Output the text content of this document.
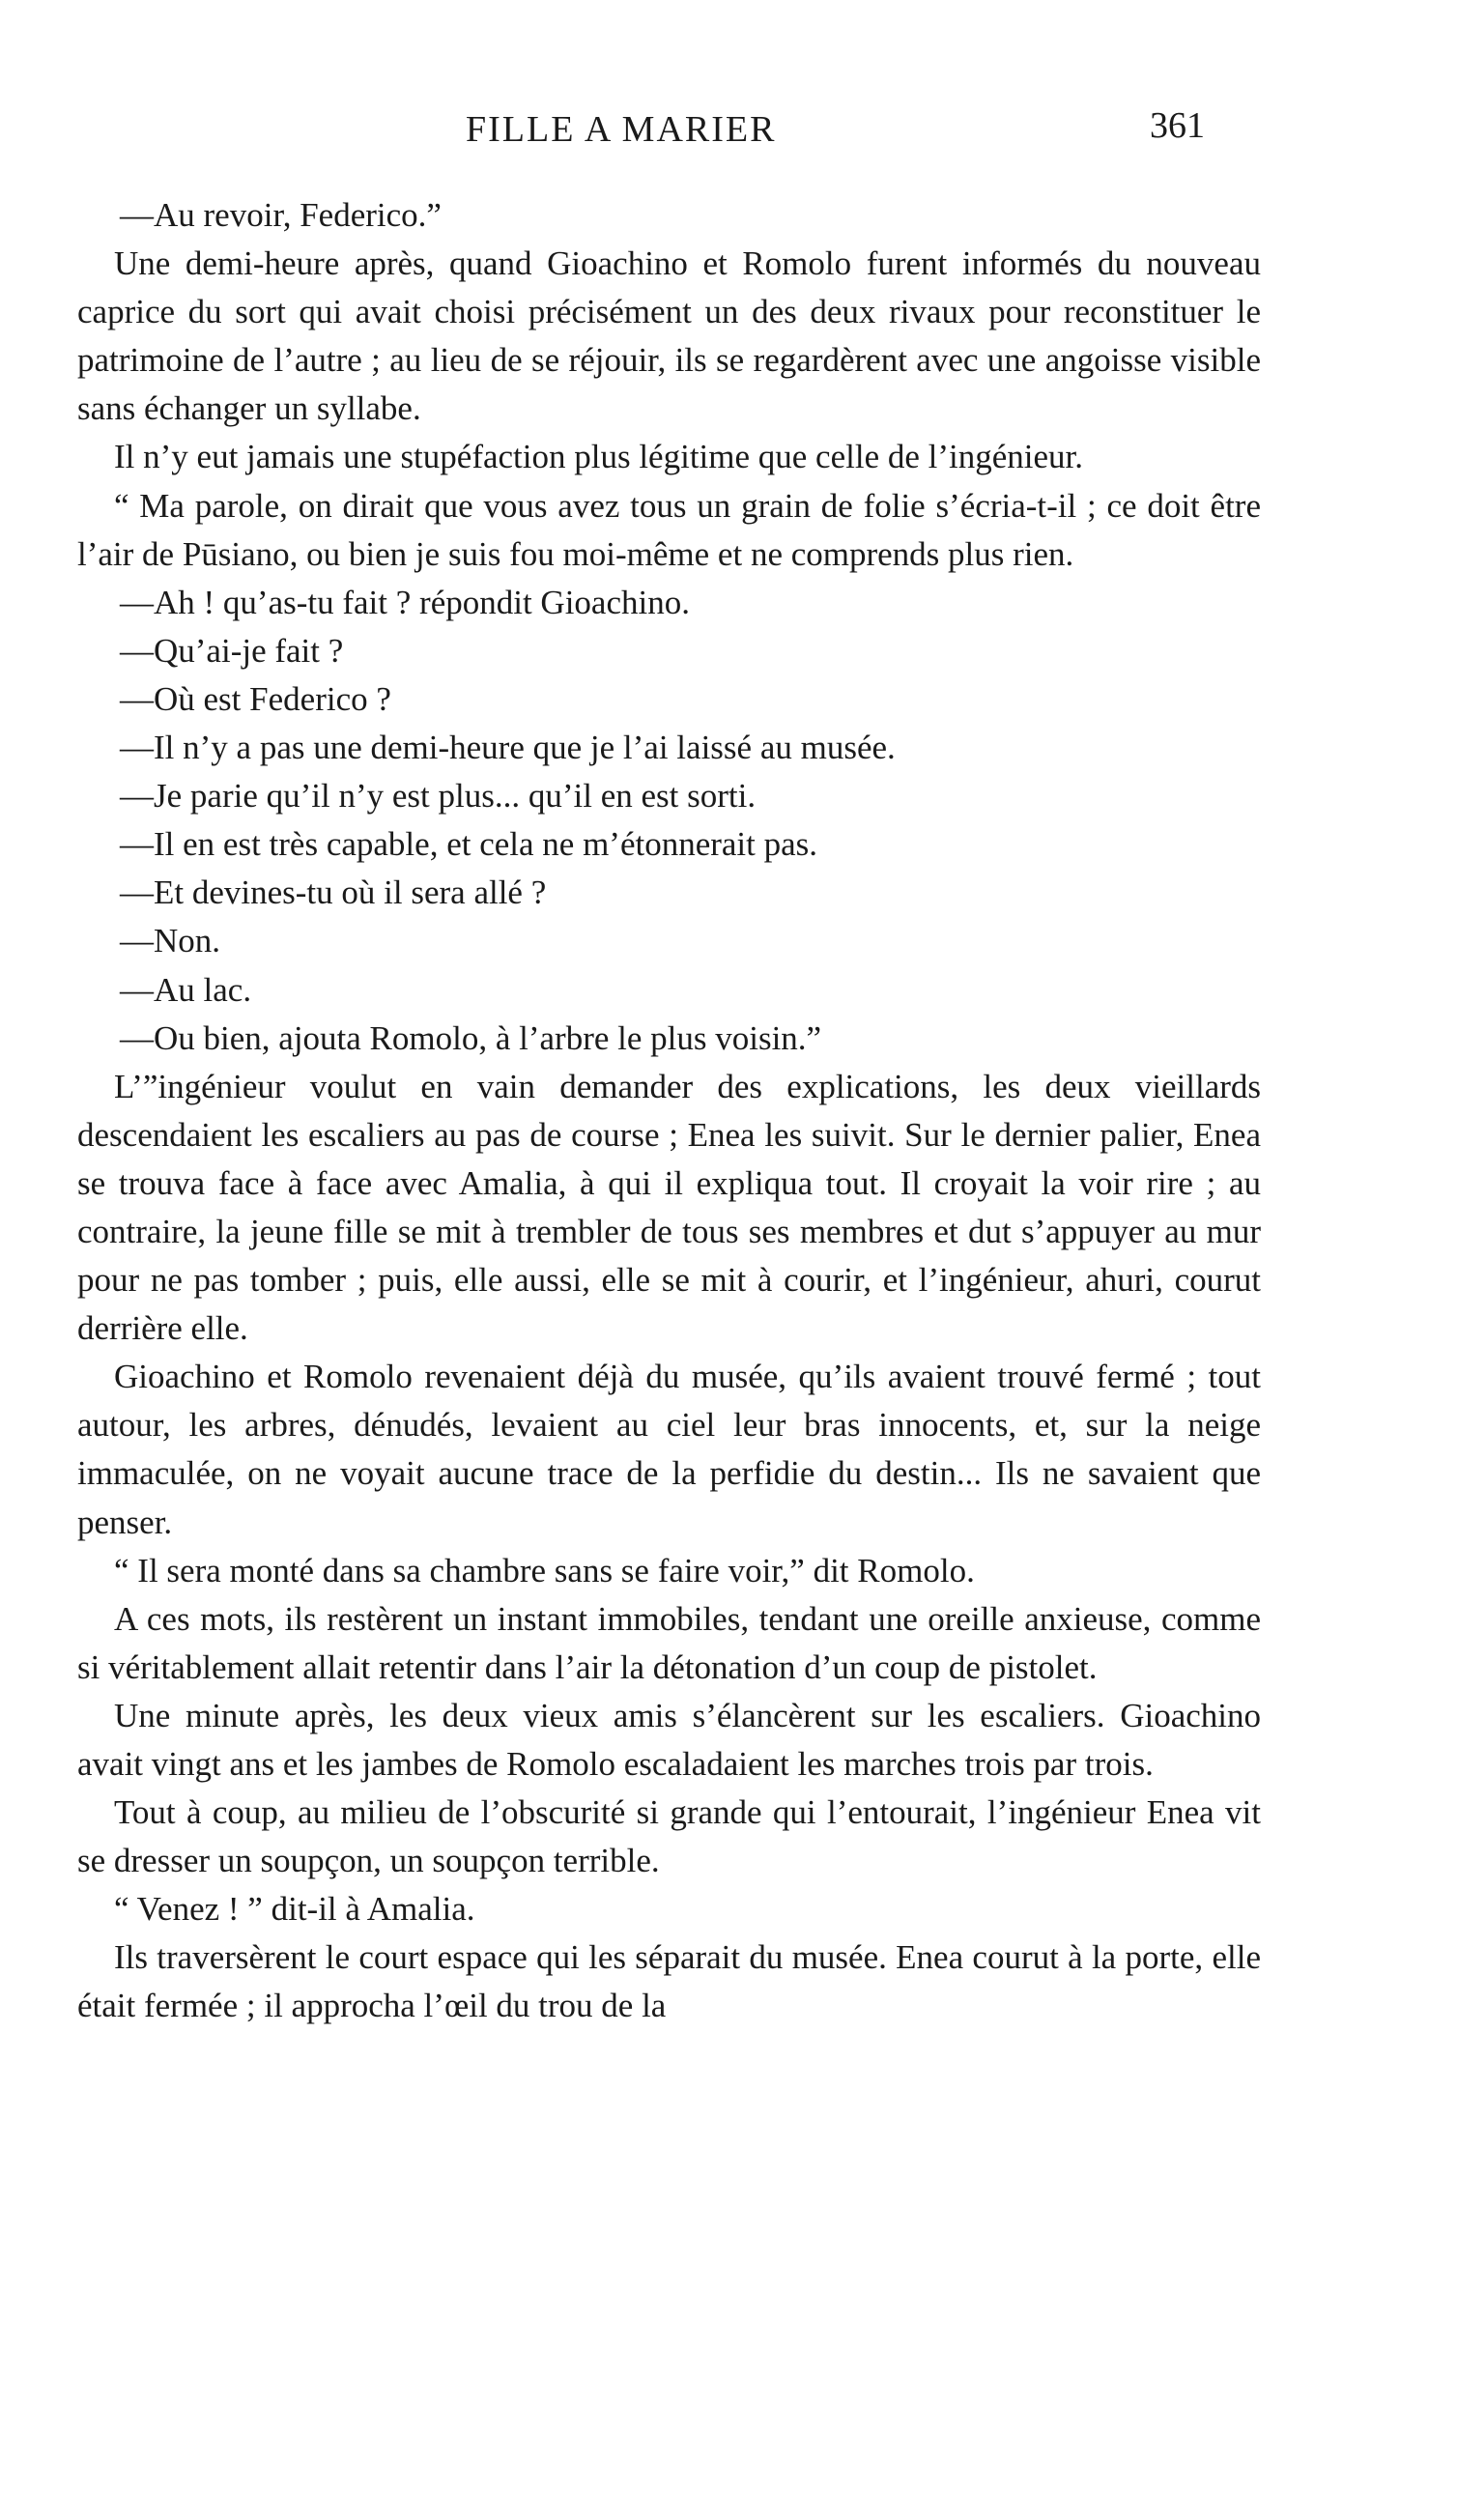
FILLE A MARIER	361

—Au revoir, Federico.”

Une demi-heure après, quand Gioachino et Romolo furent informés du nouveau caprice du sort qui avait choisi précisément un des deux rivaux pour reconstituer le patrimoine de l’autre ; au lieu de se réjouir, ils se regardèrent avec une angoisse visible sans échanger un syllabe.

Il n’y eut jamais une stupéfaction plus légitime que celle de l’ingénieur.

“ Ma parole, on dirait que vous avez tous un grain de folie s’écria-t-il ; ce doit être l’air de Pūsiano, ou bien je suis fou moi-même et ne comprends plus rien.

—Ah ! qu’as-tu fait ? répondit Gioachino.

—Qu’ai-je fait ?

—Où est Federico ?

—Il n’y a pas une demi-heure que je l’ai laissé au musée.

—Je parie qu’il n’y est plus... qu’il en est sorti.

—Il en est très capable, et cela ne m’étonnerait pas.

—Et devines-tu où il sera allé ?

—Non.

—Au lac.

—Ou bien, ajouta Romolo, à l’arbre le plus voisin.”

L’”ingénieur voulut en vain demander des explications, les deux vieillards descendaient les escaliers au pas de course ; Enea les suivit. Sur le dernier palier, Enea se trouva face à face avec Amalia, à qui il expliqua tout. Il croyait la voir rire ; au contraire, la jeune fille se mit à trembler de tous ses membres et dut s’appuyer au mur pour ne pas tomber ; puis, elle aussi, elle se mit à courir, et l’ingénieur, ahuri, courut derrière elle.

Gioachino et Romolo revenaient déjà du musée, qu’ils avaient trouvé fermé ; tout autour, les arbres, dénudés, levaient au ciel leur bras innocents, et, sur la neige immaculée, on ne voyait aucune trace de la perfidie du destin... Ils ne savaient que penser.

“ Il sera monté dans sa chambre sans se faire voir,” dit Romolo.

A ces mots, ils restèrent un instant immobiles, tendant une oreille anxieuse, comme si véritablement allait retentir dans l’air la détonation d’un coup de pistolet.

Une minute après, les deux vieux amis s’élancèrent sur les escaliers. Gioachino avait vingt ans et les jambes de Romolo escaladaient les marches trois par trois.

Tout à coup, au milieu de l’obscurité si grande qui l’entourait, l’ingénieur Enea vit se dresser un soupçon, un soupçon terrible.

“ Venez ! ” dit-il à Amalia.

Ils traversèrent le court espace qui les séparait du musée. Enea courut à la porte, elle était fermée ; il approcha l’œil du trou de la
